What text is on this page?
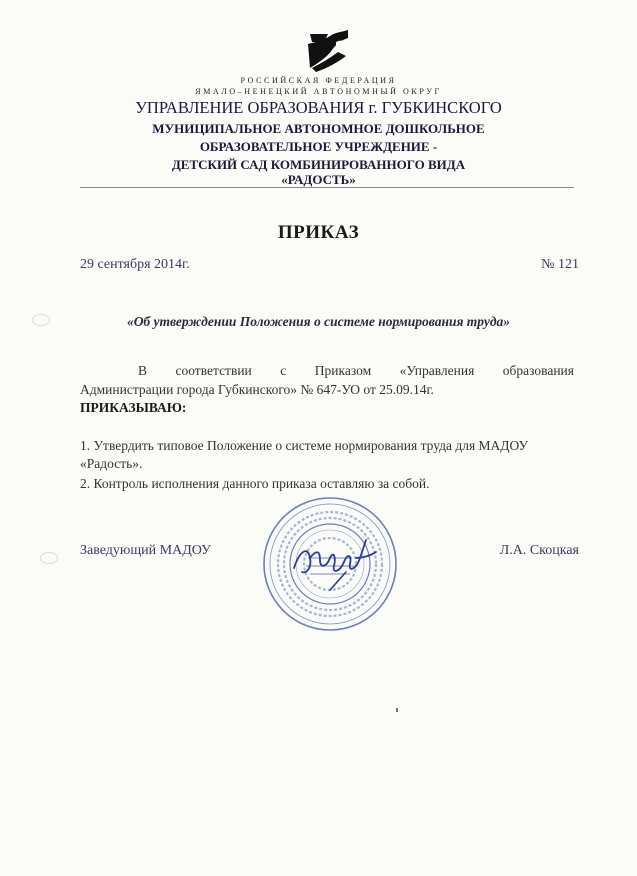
РОССИЙСКАЯ ФЕДЕРАЦИЯ
ЯМАЛО–НЕНЕЦКИЙ АВТОНОМНЫЙ ОКРУГ
УПРАВЛЕНИЕ ОБРАЗОВАНИЯ г. ГУБКИНСКОГО
МУНИЦИПАЛЬНОЕ АВТОНОМНОЕ ДОШКОЛЬНОЕ
ОБРАЗОВАТЕЛЬНОЕ УЧРЕЖДЕНИЕ -
ДЕТСКИЙ САД КОМБИНИРОВАННОГО ВИДА
«РАДОСТЬ»
ПРИКАЗ
29 сентября 2014г.	№ 121
«Об утверждении Положения о системе нормирования труда»
В соответствии с Приказом «Управления образования
Администрации города Губкинского» № 647-УО от 25.09.14г.
ПРИКАЗЫВАЮ:
1. Утвердить типовое Положение о системе нормирования труда для МАДОУ
«Радость».
2. Контроль исполнения данного приказа оставляю за собой.
Заведующий МАДОУ	Л.А. Скоцкая
